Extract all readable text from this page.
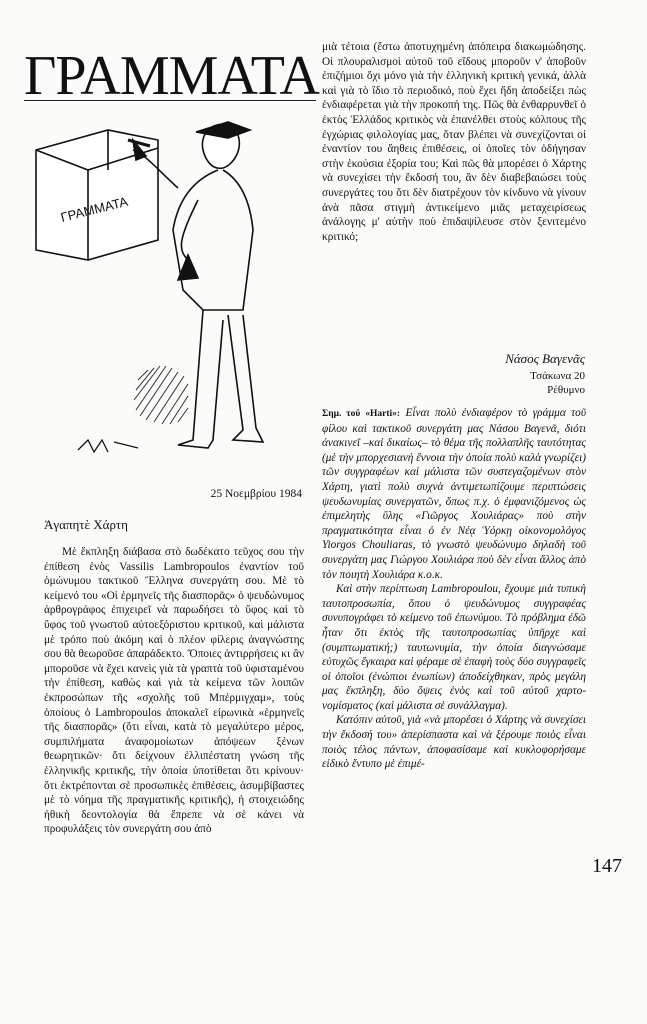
ΓΡΑΜΜΑΤΑ
ΓΡΑΜΜΑΤΑ
25 Νοεμβρίου 1984
Ἀγαπητὲ Χάρτη

Μὲ ἔκπληξη διάβασα στὸ δωδέκατο τεῦχος σου τὴν ἐπίθεση ἑνὸς Vassilis Lambropoulos ἐναντίον τοῦ ὁμώνυμου τακτικοῦ Ἕλληνα συνεργάτη σου. Μὲ τὸ κείμενό του «Οἱ ἑρμηνεῖς τῆς διασπορᾶς» ὁ ψευδώνυμος ἀρθρογράφος ἐπιχειρεῖ νὰ παρωδήσει τὸ ὕφος καὶ τὸ ὕφος τοῦ γνωστοῦ αὐτοεξόριστου κριτικοῦ, καὶ μάλιστα μὲ τρόπο ποὺ ἀκόμη καὶ ὁ πλέον φίλερις ἀναγνώστης σου θὰ θεωροῦσε ἀπαράδεκτο. Ὅποιες ἀντιρρήσεις κι ἂν μποροῦσε νὰ ἔχει κανεὶς γιὰ τὰ γραπτὰ τοῦ ὑφισταμένου τὴν ἐπίθεση, καθὼς καὶ γιὰ τὰ κείμενα τῶν λοιπῶν ἐκπροσώπων τῆς «σχολῆς τοῦ Μπέρμιγχαμ», τοὺς ὁποίους ὁ Lambropoulos ἀποκαλεῖ εἰρωνικὰ «ἑρμηνεῖς τῆς διασπορᾶς» (ὅτι εἶναι, κατὰ τὸ μεγαλύτερο μέρος, συμπιλήματα ἀναφομοίωτων ἀπόψεων ξένων θεωρητικῶν· ὅτι δείχνουν ἐλλιπέστατη γνώση τῆς ἑλληνικῆς κριτικῆς, τὴν ὁποία ὑποτίθεται ὅτι κρίνουν· ὅτι ἐκτρέπονται σὲ προσωπικὲς ἐπιθέσεις, ἀσυμβίβαστες μὲ τὸ νόημα τῆς πραγματικῆς κριτικῆς), ἡ στοιχειώδης ἠθικὴ δεοντολογία θὰ ἔπρεπε νὰ σὲ κάνει νὰ προφυλάξεις τὸν συνεργάτη σου ἀπὸ

μιὰ τέτοια (ἔστω ἀποτυχημένη ἀπόπειρα διακωμώδησης. Οἱ πλουραλισμοὶ αὐτοῦ τοῦ εἴδους μποροῦν ν' ἀποβοῦν ἐπιζήμιοι ὄχι μόνο γιὰ τὴν ἑλληνικὴ κριτικὴ γενικά, ἀλλὰ καὶ γιὰ τὸ ἴδιο τὸ περιοδικό, ποὺ ἔχει ἤδη ἀποδείξει πὼς ἐνδιαφέρεται γιὰ τὴν προκοπή της. Πῶς θὰ ἐνθαρρυνθεῖ ὁ ἐκτὸς Ἑλλάδος κριτικὸς νὰ ἐπανέλθει στοὺς κόλπους τῆς ἐγχώριας φιλολογίας μας, ὅταν βλέπει νὰ συνεχίζονται οἱ ἐναντίον του ἄηθεις ἐπιθέσεις, οἱ ὁποῖες τὸν ὁδήγησαν στὴν ἑκούσια ἐξορία του; Καὶ πῶς θὰ μπορέσει ὁ Χάρτης νὰ συνεχίσει τὴν ἔκδοσή του, ἂν δὲν διαβεβαιώσει τοὺς συνεργάτες του ὅτι δὲν διατρέχουν τὸν κίνδυνο νὰ γίνουν ἀνὰ πᾶσα στιγμὴ ἀντικείμενο μιᾶς μεταχειρίσεως ἀνάλογης μ' αὐτὴν ποὺ ἐπιδαψίλευσε στὸν ξενιτεμένο κριτικό;

Νάσος Βαγενᾶς
Τσάκωνα 20
Ρέθυμνο

Σημ. τοῦ «Harti»: Εἶναι πολὺ ἐνδιαφέρον τὸ γράμμα τοῦ φίλου καὶ τακτικοῦ συνεργάτη μας Νάσου Βαγενᾶ, διότι ἀνακινεῖ –καὶ δικαίως– τὸ θέμα τῆς πολλαπλῆς ταυτότητας (μὲ τὴν μπορχεσιανὴ ἔννοια τὴν ὁποία πολὺ καλὰ γνωρίζει) τῶν συγγραφέων καὶ μάλιστα τῶν συστεγαζομένων στὸν Χάρτη, γιατὶ πολὺ συχνὰ ἀντιμετωπίζουμε περιπτώσεις ψευδωνυμίας συνεργατῶν, ὅπως π.χ. ὁ ἐμφανιζόμενος ὡς ἐπιμελητὴς ὕλης «Γιῶργος Χουλιάρας» ποὺ στὴν πραγματικότητα εἶναι ὁ ἐν Νέᾳ Ὑόρκῃ οἰκονομολόγος Yiorgos Chouliaras, τὸ γνωστὸ ψευδώνυμο δηλαδὴ τοῦ συνεργάτη μας Γιώργου Χουλιάρα ποὺ δὲν εἶναι ἄλλος ἀπὸ τὸν ποιητὴ Χουλιάρα κ.ο.κ.

Καὶ στὴν περίπτωση Lambropoulou, ἔχουμε μιὰ τυπικὴ ταυτοπροσωπία, ὅπου ὁ ψευδώνυμος συγγραφέας συνυπογράφει τὸ κείμενο τοῦ ἐπωνύμου. Τὸ πρόβλημα ἐδῶ ἦταν ὅτι ἐκτὸς τῆς ταυτοπροσωπίας ὑπῆρχε καὶ (συμπτωματική;) ταυτωνυμία, τὴν ὁποία διαγνώσαμε εὐτυχῶς ἔγκαιρα καὶ φέραμε σὲ ἐπαφὴ τοὺς δύο συγγραφεῖς οἱ ὁποῖοι (ἐνώπιοι ἐνωπίων) ἀποδείχθηκαν, πρὸς μεγάλη μας ἔκπληξη, δύο ὄψεις ἑνὸς καὶ τοῦ αὐτοῦ χαρτο-νομίσματος (καὶ μάλιστα σὲ συνάλλαγμα).

Κατόπιν αὐτοῦ, γιὰ «νὰ μπορέσει ὁ Χάρτης νὰ συνεχίσει τὴν ἔκδοσή του» ἀπερίσπαστα καὶ νὰ ξέρουμε ποιὸς εἶναι ποιὸς τέλος πάντων, ἀποφασίσαμε καὶ κυκλοφορήσαμε εἰδικὸ ἔντυπο μὲ ἐπιμέ-

147
